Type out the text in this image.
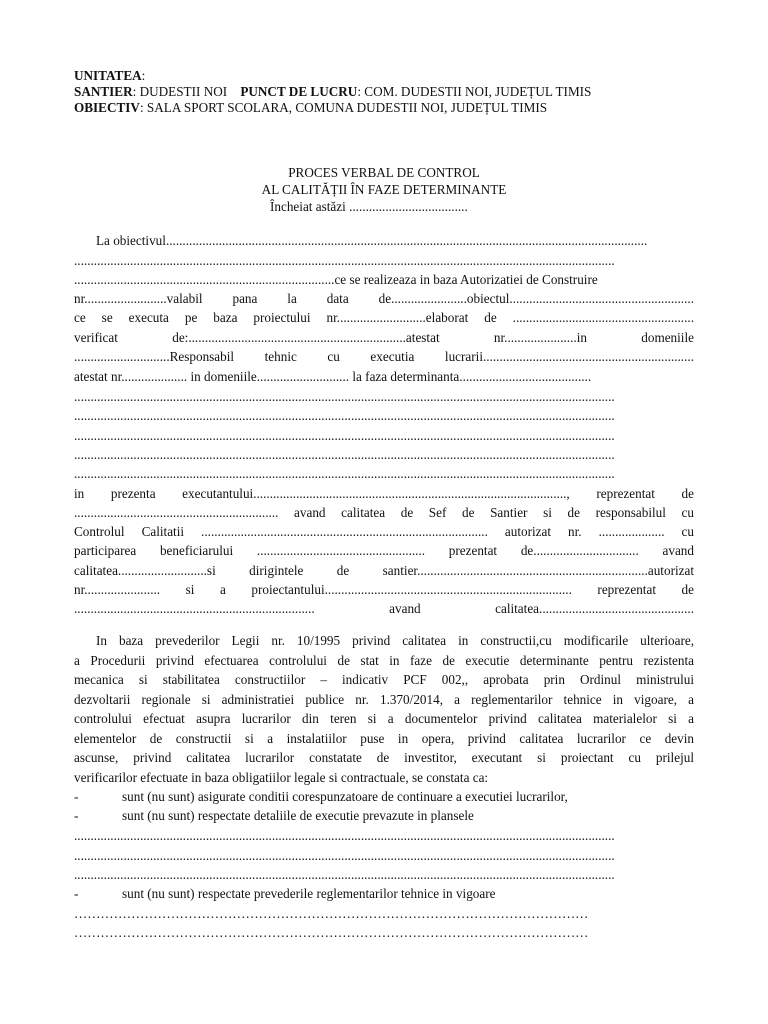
UNITATEA:
SANTIER: DUDESTII NOI PUNCT DE LUCRU: COM. DUDESTII NOI, JUDEȚUL TIMIS
OBIECTIV: SALA SPORT SCOLARA, COMUNA DUDESTII NOI, JUDEȚUL TIMIS
PROCES VERBAL DE CONTROL
AL CALITĂȚII ÎN FAZE DETERMINANTE
Încheiat astăzi ....................................
La obiectivul..................................................................................................................................................
....................................................................................................................................................................
...............................................................................ce se realizeaza in baza Autorizatiei de Construire
nr.........................valabil pana la data de.......................obiectul........................................................
ce se executa pe baza proiectului nr...........................elaborat de .......................................................
verificat de:..................................................................atestat nr......................in domeniile
.............................Responsabil tehnic cu executia lucrarii................................................................
atestat nr.................... in domeniile............................ la faza determinanta........................................
....................................................................................................................................................................
....................................................................................................................................................................
....................................................................................................................................................................
....................................................................................................................................................................
....................................................................................................................................................................
in prezenta executantului..............................................................................................., reprezentat de
.............................................................. avand calitatea de Sef de Santier si de responsabilul cu
Controlul Calitatii ....................................................................................... autorizat nr. .................... cu
participarea beneficiarului ................................................... prezentat de................................ avand
calitatea...........................si dirigintele de santier......................................................................autorizat
nr....................... si a proiectantului........................................................................... reprezentat de
......................................................................... avand calitatea...............................................
In baza prevederilor Legii nr. 10/1995 privind calitatea in constructii,cu modificarile ulterioare,
a Procedurii privind efectuarea controlului de stat in faze de executie determinante pentru rezistenta
mecanica si stabilitatea constructiilor – indicativ PCF 002,, aprobata prin Ordinul ministrului
dezvoltarii regionale si administratiei publice nr. 1.370/2014, a reglementarilor tehnice in vigoare, a
controlului efectuat asupra lucrarilor din teren si a documentelor privind calitatea materialelor si a
elementelor de constructii si a instalatiilor puse in opera, privind calitatea lucrarilor ce devin
ascunse, privind calitatea lucrarilor constatate de investitor, executant si proiectant cu prilejul
verificarilor efectuate in baza obligatiilor legale si contractuale, se constata ca:
-	sunt (nu sunt) asigurate conditii corespunzatoare de continuare a executiei lucrarilor,
-	sunt (nu sunt) respectate detaliile de executie prevazute in plansele
....................................................................................................................................................................
....................................................................................................................................................................
....................................................................................................................................................................
-	sunt (nu sunt) respectate prevederile reglementarilor tehnice in vigoare
………………………………………………………………………………………………………
………………………………………………………………………………………………………
